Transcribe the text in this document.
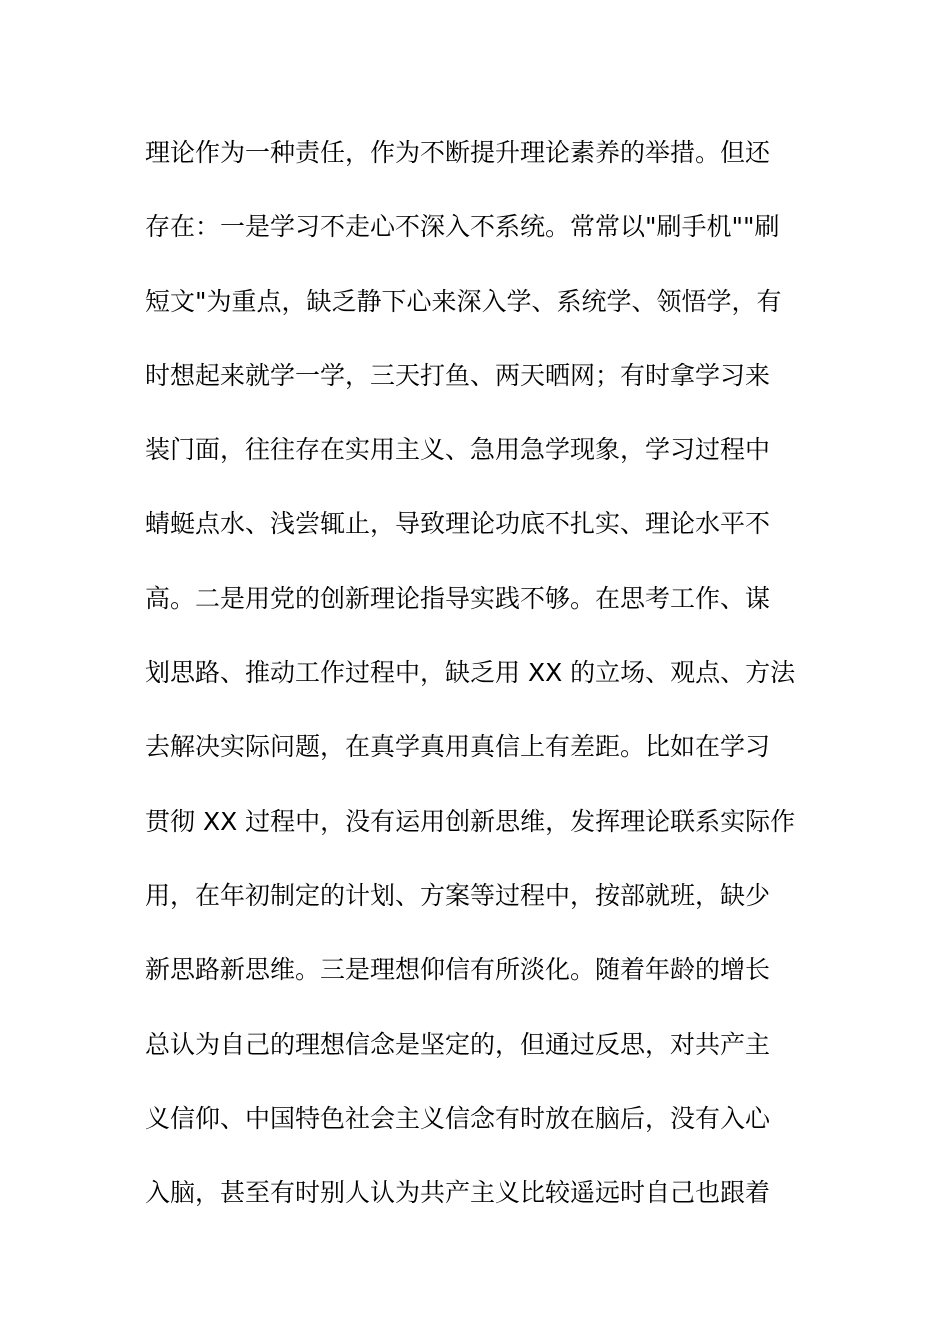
理论作为一种责任，作为不断提升理论素养的举措。但还
存在：一是学习不走心不深入不系统。常常以"刷手机""刷
短文"为重点，缺乏静下心来深入学、系统学、领悟学，有
时想起来就学一学，三天打鱼、两天晒网；有时拿学习来
装门面，往往存在实用主义、急用急学现象，学习过程中
蜻蜓点水、浅尝辄止，导致理论功底不扎实、理论水平不
高。二是用党的创新理论指导实践不够。在思考工作、谋
划思路、推动工作过程中，缺乏用 XX 的立场、观点、方法
去解决实际问题，在真学真用真信上有差距。比如在学习
贯彻 XX 过程中，没有运用创新思维，发挥理论联系实际作
用，在年初制定的计划、方案等过程中，按部就班，缺少
新思路新思维。三是理想仰信有所淡化。随着年龄的增长
总认为自己的理想信念是坚定的，但通过反思，对共产主
义信仰、中国特色社会主义信念有时放在脑后，没有入心
入脑，甚至有时别人认为共产主义比较遥远时自己也跟着
